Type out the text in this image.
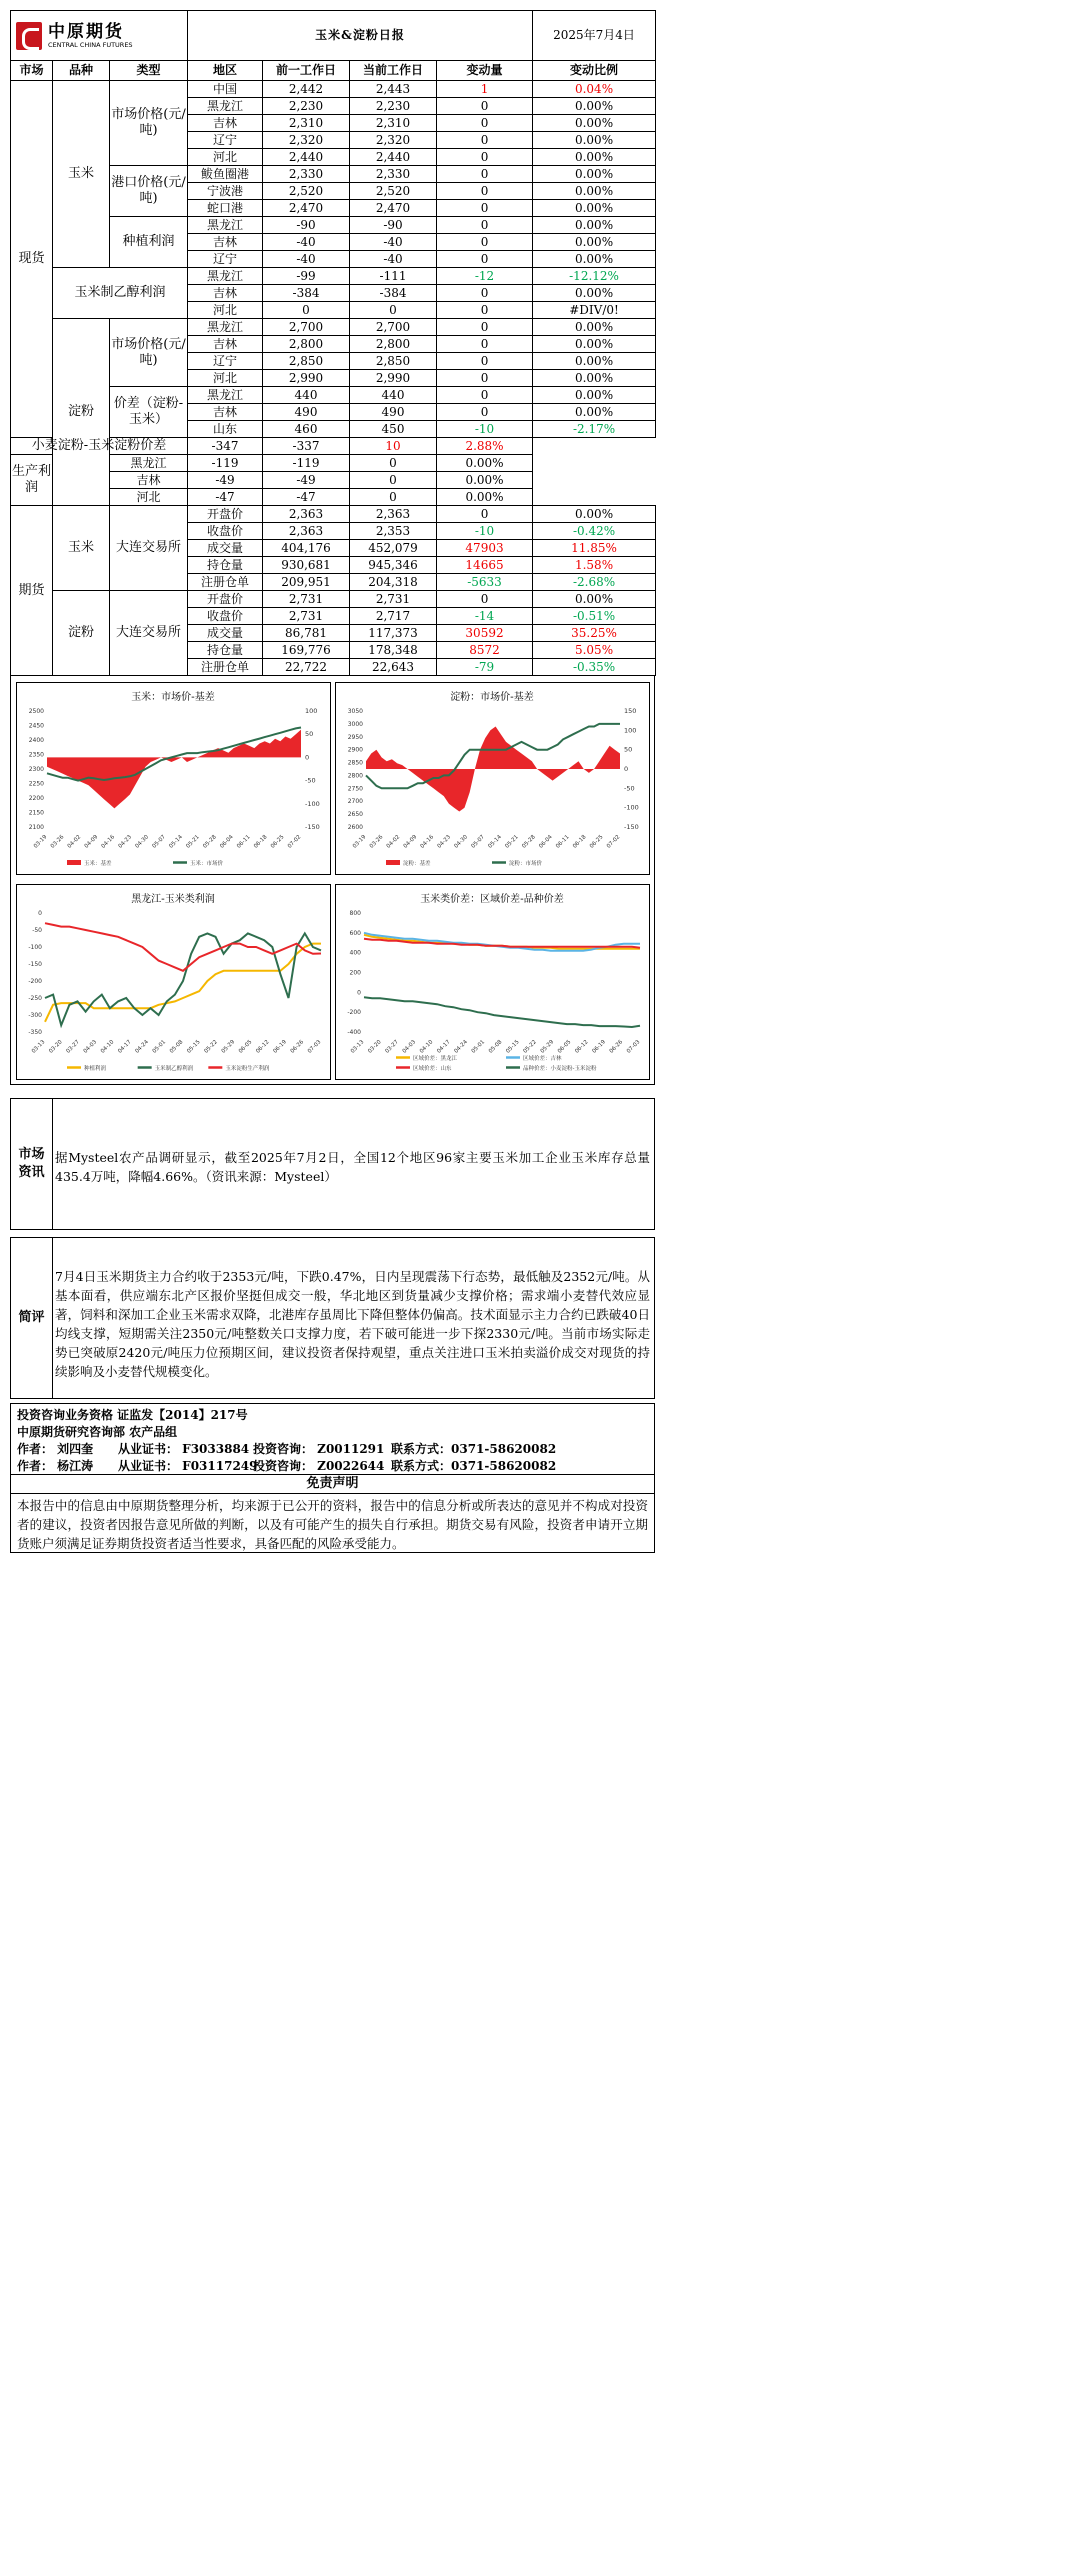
中原期货
CENTRAL CHINA FUTURES			玉米&淀粉日报				2025年7月4日
市场	品种	类型	地区	前一工作日	当前工作日	变动量	变动比例
现货	玉米	市场价格(元/吨)	中国	2,442	2,443	1	0.04%
			黑龙江	2,230	2,230	0	0.00%
			吉林	2,310	2,310	0	0.00%
			辽宁	2,320	2,320	0	0.00%
			河北	2,440	2,440	0	0.00%
		港口价格(元/吨)	鲅鱼圈港	2,330	2,330	0	0.00%
			宁波港	2,520	2,520	0	0.00%
			蛇口港	2,470	2,470	0	0.00%
		种植利润	黑龙江	-90	-90	0	0.00%
			吉林	-40	-40	0	0.00%
			辽宁	-40	-40	0	0.00%
	玉米制乙醇利润		黑龙江	-99	-111	-12	-12.12%
			吉林	-384	-384	0	0.00%
			河北	0	0	0	#DIV/0!
	淀粉	市场价格(元/吨)	黑龙江	2,700	2,700	0	0.00%
			吉林	2,800	2,800	0	0.00%
			辽宁	2,850	2,850	0	0.00%
			河北	2,990	2,990	0	0.00%
		价差（淀粉-玉米）	黑龙江	440	440	0	0.00%
			吉林	490	490	0	0.00%
			山东	460	450	-10	-2.17%
小麦淀粉-玉米淀粉价差			-347	-337	10	2.88%	
生产利润		黑龙江	-119	-119	0	0.00%	
		吉林	-49	-49	0	0.00%	
		河北	-47	-47	0	0.00%	
期货	玉米	大连交易所	开盘价	2,363	2,363	0	0.00%
			收盘价	2,363	2,353	-10	-0.42%
			成交量	404,176	452,079	47903	11.85%
			持仓量	930,681	945,346	14665	1.58%
			注册仓单	209,951	204,318	-5633	-2.68%
	淀粉	大连交易所	开盘价	2,731	2,731	0	0.00%
			收盘价	2,731	2,717	-14	-0.51%
			成交量	86,781	117,373	30592	35.25%
			持仓量	169,776	178,348	8572	5.05%
			注册仓单	22,722	22,643	-79	-0.35%
玉米：市场价-基差
2500
2450
2400
2350
2300
2250
2200
2150
2100
100
50
0
-50
-100
-150
03-19 03-26 04-02 04-09 04-16 04-23 04-30 05-07 05-14 05-21 05-28 06-04 06-11 06-18 06-25 07-02
玉米：基差	玉米：市场价
淀粉：市场价-基差
3050
3000
2950
2900
2850
2800
2750
2700
2650
2600
150
100
50
0
-50
-100
-150
03-19 03-26 04-02 04-09 04-16 04-23 04-30 05-07 05-14 05-21 05-28 06-04 06-11 06-18 06-25 07-02
淀粉：基差	淀粉：市场价
黑龙江-玉米类利润
0
-50
-100
-150
-200
-250
-300
-350
03-13 03-20 03-27 04-03 04-10 04-17 04-24 05-01 05-08 05-15 05-22 05-29 06-05 06-12 06-19 06-26 07-03
种植利润	玉米制乙醇利润	玉米淀粉生产利润
玉米类价差：区域价差-品种价差
800
600
400
200
0
-200
-400
03-13 03-20 03-27 04-03 04-10 04-17 04-24 05-01 05-08 05-15 05-22 05-29 06-05 06-12 06-19 06-26 07-03
区域价差：黑龙江	区域价差：吉林
区域价差：山东	品种价差：小麦淀粉-玉米淀粉
市场
资讯
据Mysteel农产品调研显示，截至2025年7月2日，全国12个地区96家主要玉米加工企业玉米库存总量435.4万吨，降幅4.66%。（资讯来源：Mysteel）
简评
7月4日玉米期货主力合约收于2353元/吨，下跌0.47%，日内呈现震荡下行态势，最低触及2352元/吨。从基本面看，供应端东北产区报价坚挺但成交一般，华北地区到货量减少支撑价格；需求端小麦替代效应显著，饲料和深加工企业玉米需求双降，北港库存虽周比下降但整体仍偏高。技术面显示主力合约已跌破40日均线支撑，短期需关注2350元/吨整数关口支撑力度，若下破可能进一步下探2330元/吨。当前市场实际走势已突破原2420元/吨压力位预期区间，建议投资者保持观望，重点关注进口玉米拍卖溢价成交对现货的持续影响及小麦替代规模变化。
投资咨询业务资格 证监发【2014】217号
中原期货研究咨询部 农产品组
作者： 刘四奎 从业证书： F3033884 投资咨询： Z0011291 联系方式：0371-58620082
作者： 杨江涛 从业证书： F03117249
投资咨询： Z0022644 联系方式：0371-58620082
免责声明
本报告中的信息由中原期货整理分析，均来源于已公开的资料，报告中的信息分析或所表达的意见并不构成对投资者的建议，投资者因报告意见所做的判断，以及有可能产生的损失自行承担。期货交易有风险，投资者申请开立期货账户须满足证券期货投资者适当性要求，具备匹配的风险承受能力。
